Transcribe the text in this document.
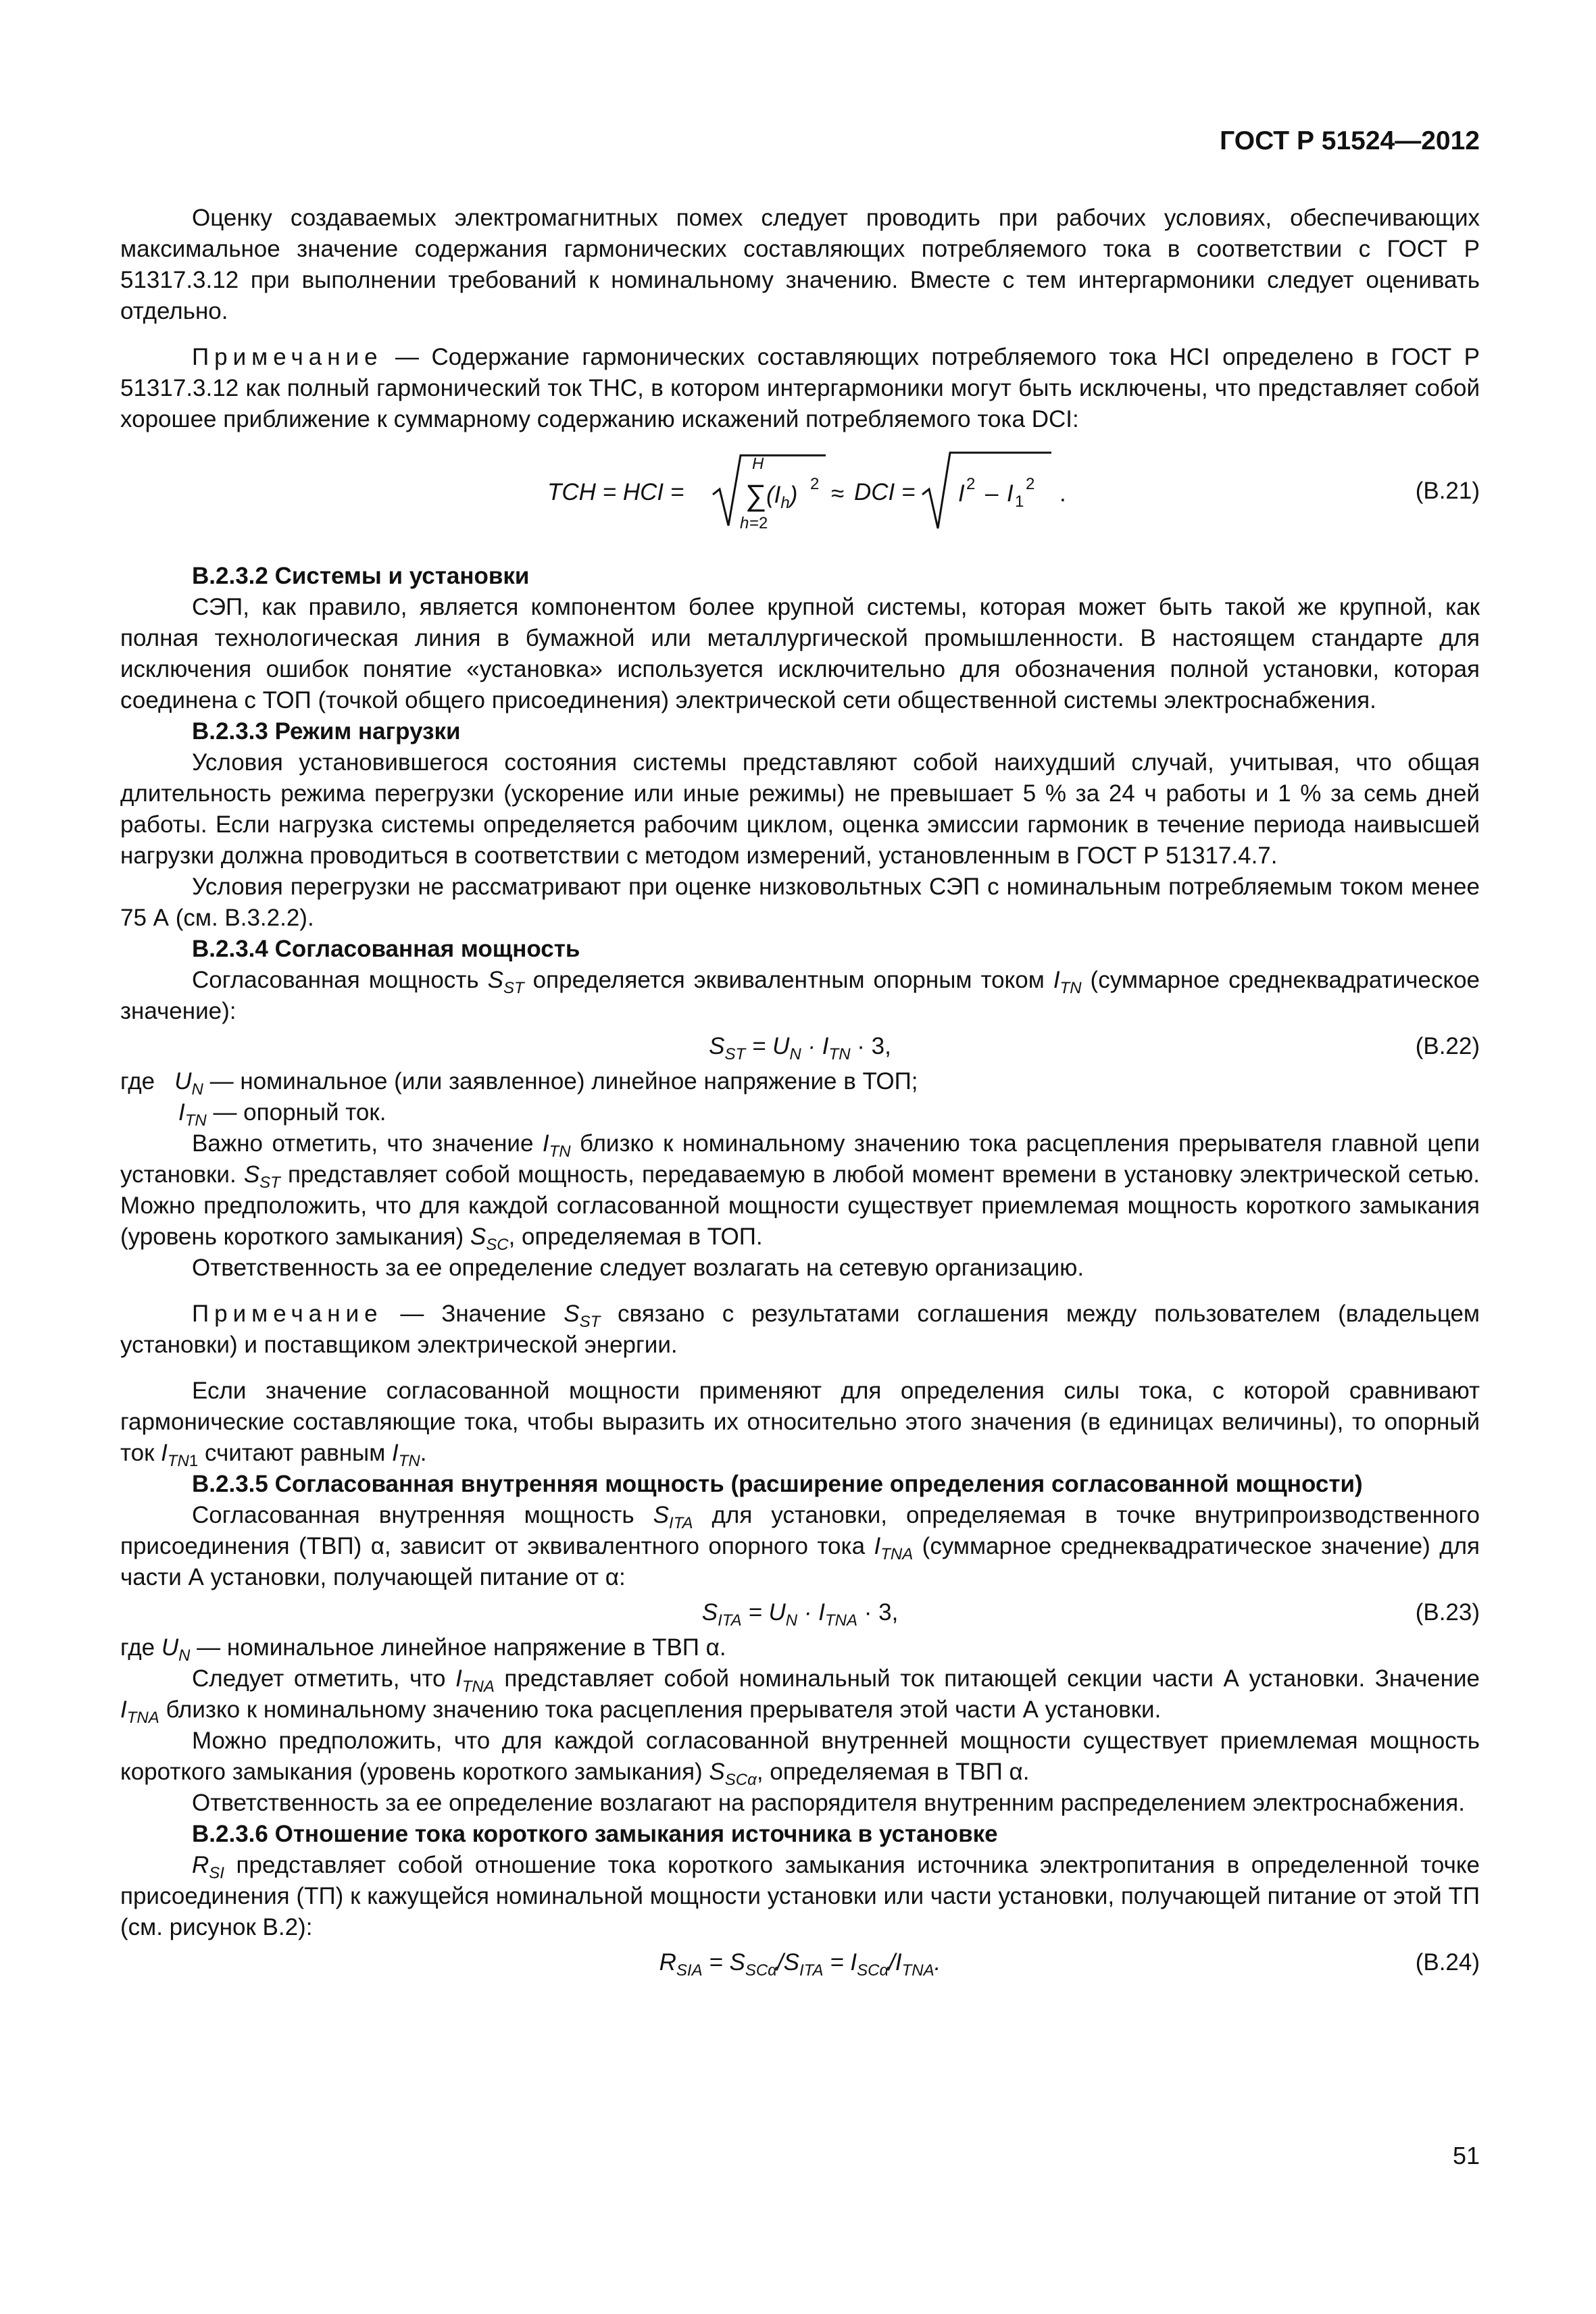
ГОСТ Р 51524—2012

Оценку создаваемых электромагнитных помех следует проводить при рабочих условиях, обеспечивающих максимальное значение содержания гармонических составляющих потребляемого тока в соответствии с ГОСТ Р 51317.3.12 при выполнении требований к номинальному значению. Вместе с тем интергармоники следует оценивать отдельно.

Примечание — Содержание гармонических составляющих потребляемого тока HCI определено в ГОСТ Р 51317.3.12 как полный гармонический ток THC, в котором интергармоники могут быть исключены, что представляет собой хорошее приближение к суммарному содержанию искажений потребляемого тока DCI:

TCH = HCI =
H
∑ $(I_h)$ 2
h =2
≈ DCI = I 2 – I 1
2 .	(В.21)

В.2.3.2 Системы и установки

СЭП, как правило, является компонентом более крупной системы, которая может быть такой же крупной, как полная технологическая линия в бумажной или металлургической промышленности. В настоящем стандарте для исключения ошибок понятие «установка» используется исключительно для обозначения полной установки, которая соединена с ТОП (точкой общего присоединения) электрической сети общественной системы электроснабжения.

В.2.3.3 Режим нагрузки

Условия установившегося состояния системы представляют собой наихудший случай, учитывая, что общая длительность режима перегрузки (ускорение или иные режимы) не превышает 5 % за 24 ч работы и 1 % за семь дней работы. Если нагрузка системы определяется рабочим циклом, оценка эмиссии гармоник в течение периода наивысшей нагрузки должна проводиться в соответствии с методом измерений, установленным в ГОСТ Р 51317.4.7.

Условия перегрузки не рассматривают при оценке низковольтных СЭП с номинальным потребляемым током менее 75 А (см. В.3.2.2).

В.2.3.4 Согласованная мощность

Согласованная мощность $S_{ST}$ определяется эквивалентным опорным током $I_{TN}$ (суммарное среднеквадратическое значение):

$S_{ST} = U_N \cdot I_{TN} \cdot 3$,	(В.22)

где   $U_N$ — номинальное (или заявленное) линейное напряжение в ТОП;

$I_{TN}$ — опорный ток.

Важно отметить, что значение $I_{TN}$ близко к номинальному значению тока расцепления прерывателя главной цепи установки. $S_{ST}$ представляет собой мощность, передаваемую в любой момент времени в установку электрической сетью. Можно предположить, что для каждой согласованной мощности существует приемлемая мощность короткого замыкания (уровень короткого замыкания) $S_{SC}$, определяемая в ТОП.

Ответственность за ее определение следует возлагать на сетевую организацию.

Примечание — Значение $S_{ST}$ связано с результатами соглашения между пользователем (владельцем установки) и поставщиком электрической энергии.

Если значение согласованной мощности применяют для определения силы тока, с которой сравнивают гармонические составляющие тока, чтобы выразить их относительно этого значения (в единицах величины), то опорный ток $I_{TN1}$ считают равным $I_{TN}$.

В.2.3.5 Согласованная внутренняя мощность (расширение определения согласованной мощности)

Согласованная внутренняя мощность $S_{ITA}$ для установки, определяемая в точке внутрипроизводственного присоединения (ТВП) α, зависит от эквивалентного опорного тока $I_{TNA}$ (суммарное среднеквадратическое значение) для части А установки, получающей питание от α:

$S_{ITA} = U_N \cdot I_{TNA} \cdot 3$,	(В.23)

где $U_N$ — номинальное линейное напряжение в ТВП α.

Следует отметить, что $I_{TNA}$ представляет собой номинальный ток питающей секции части А установки. Значение $I_{TNA}$ близко к номинальному значению тока расцепления прерывателя этой части А установки.

Можно предположить, что для каждой согласованной внутренней мощности существует приемлемая мощность короткого замыкания (уровень короткого замыкания) $S_{SC\alpha}$, определяемая в ТВП α.

Ответственность за ее определение возлагают на распорядителя внутренним распределением электроснабжения.

В.2.3.6 Отношение тока короткого замыкания источника в установке

$R_{SI}$ представляет собой отношение тока короткого замыкания источника электропитания в определенной точке присоединения (ТП) к кажущейся номинальной мощности установки или части установки, получающей питание от этой ТП (см. рисунок В.2):

$R_{SIA} = S_{SC\alpha}/S_{ITA} = I_{SC\alpha}/I_{TNA}$.	(В.24)
51
